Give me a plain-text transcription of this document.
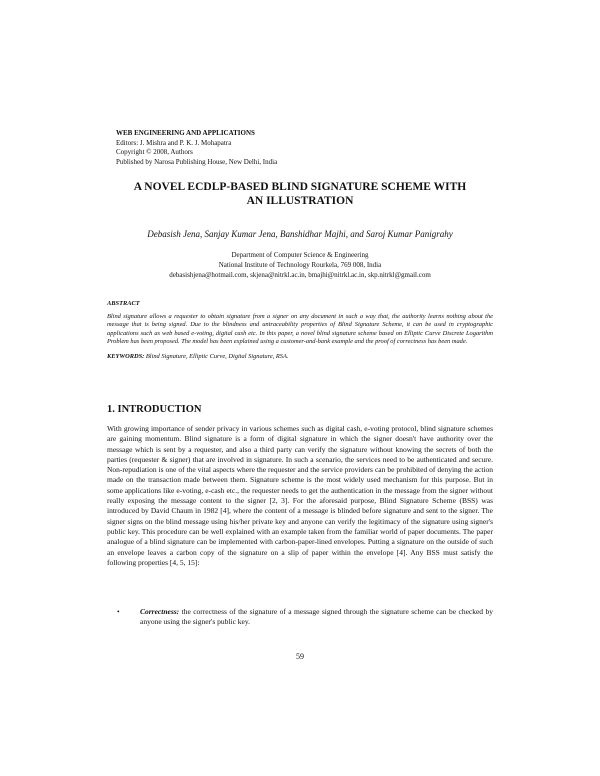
WEB ENGINEERING AND APPLICATIONS
Editors: J. Mishra and P. K. J. Mohapatra
Copyright © 2008, Authors
Published by Narosa Publishing House, New Delhi, India
A NOVEL ECDLP-BASED BLIND SIGNATURE SCHEME WITH
AN ILLUSTRATION
Debasish Jena, Sanjay Kumar Jena, Banshidhar Majhi, and Saroj Kumar Panigrahy
Department of Computer Science & Engineering
National Institute of Technology Rourkela, 769 008, India
debasishjena@hotmail.com, skjena@nitrkl.ac.in, bmajhi@nitrkl.ac.in, skp.nitrkl@gmail.com
ABSTRACT

Blind signature allows a requester to obtain signature from a signer on any document in such a way that, the authority learns nothing about the message that is being signed. Due to the blindness and untraceability properties of Blind Signature Scheme, it can be used in cryptographic applications such as web based e-voting, digital cash etc. In this paper, a novel blind signature scheme based on Elliptic Curve Discrete Logarithm Problem has been proposed. The model has been explained using a customer-and-bank example and the proof of correctness has been made.

KEYWORDS: Blind Signature, Elliptic Curve, Digital Signature, RSA.

1. INTRODUCTION

With growing importance of sender privacy in various schemes such as digital cash, e-voting protocol, blind signature schemes are gaining momentum. Blind signature is a form of digital signature in which the signer doesn't have authority over the message which is sent by a requester, and also a third party can verify the signature without knowing the secrets of both the parties (requester & signer) that are involved in signature. In such a scenario, the services need to be authenticated and secure. Non-repudiation is one of the vital aspects where the requester and the service providers can be prohibited of denying the action made on the transaction made between them. Signature scheme is the most widely used mechanism for this purpose. But in some applications like e-voting, e-cash etc., the requester needs to get the authentication in the message from the signer without really exposing the message content to the signer [2, 3]. For the aforesaid purpose, Blind Signature Scheme (BSS) was introduced by David Chaum in 1982 [4], where the content of a message is blinded before signature and sent to the signer. The signer signs on the blind message using his/her private key and anyone can verify the legitimacy of the signature using signer's public key. This procedure can be well explained with an example taken from the familiar world of paper documents. The paper analogue of a blind signature can be implemented with carbon-paper-lined envelopes. Putting a signature on the outside of such an envelope leaves a carbon copy of the signature on a slip of paper within the envelope [4]. Any BSS must satisfy the following properties [4, 5, 15]:

•	Correctness: the correctness of the signature of a message signed through the signature scheme can be checked by anyone using the signer's public key.
59
